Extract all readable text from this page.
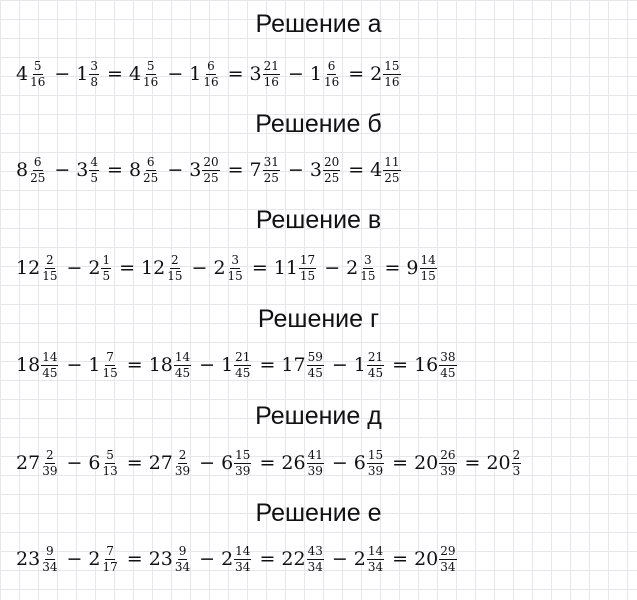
Решение а
$4 \frac{5}{16} - 1 \frac{3}{8} = 4 \frac{5}{16} - 1 \frac{6}{16} = 3 \frac{21}{16} - 1 \frac{6}{16} = 2 \frac{15}{16}$
Решение б
$8 \frac{6}{25} - 3 \frac{4}{5} = 8 \frac{6}{25} - 3 \frac{20}{25} = 7 \frac{31}{25} - 3 \frac{20}{25} = 4 \frac{11}{25}$
Решение в
$12 \frac{2}{15} - 2 \frac{1}{5} = 12 \frac{2}{15} - 2 \frac{3}{15} = 11 \frac{17}{15} - 2 \frac{3}{15} = 9 \frac{14}{15}$
Решение г
$18 \frac{14}{45} - 1 \frac{7}{15} = 18 \frac{14}{45} - 1 \frac{21}{45} = 17 \frac{59}{45} - 1 \frac{21}{45} = 16 \frac{38}{45}$
Решение д
$27 \frac{2}{39} - 6 \frac{5}{13} = 27 \frac{2}{39} - 6 \frac{15}{39} = 26 \frac{41}{39} - 6 \frac{15}{39} = 20 \frac{26}{39} = 20 \frac{2}{3}$
Решение е
$23 \frac{9}{34} - 2 \frac{7}{17} = 23 \frac{9}{34} - 2 \frac{14}{34} = 22 \frac{43}{34} - 2 \frac{14}{34} = 20 \frac{29}{34}$
